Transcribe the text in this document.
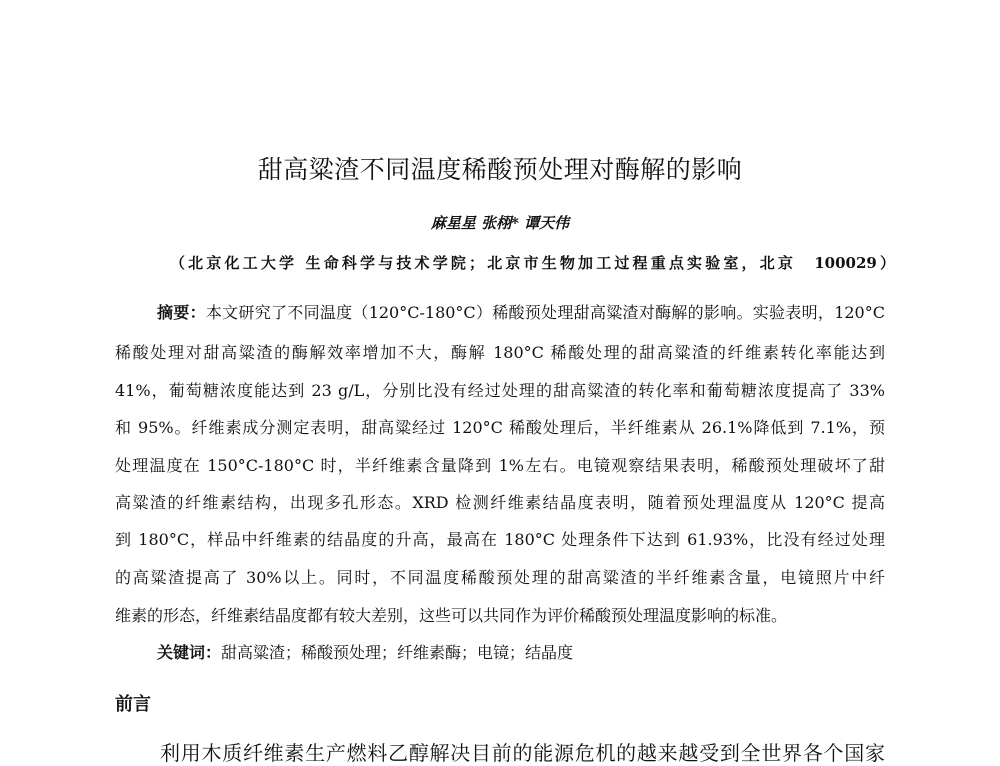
甜高粱渣不同温度稀酸预处理对酶解的影响
麻星星 张栩* 谭天伟
（北京化工大学 生命科学与技术学院；北京市生物加工过程重点实验室，北京　100029）
摘要：本文研究了不同温度（120°C-180°C）稀酸预处理甜高粱渣对酶解的影响。实验表明，120°C
稀酸处理对甜高粱渣的酶解效率增加不大，酶解 180°C 稀酸处理的甜高粱渣的纤维素转化率能达到
41%，葡萄糖浓度能达到 23 g/L，分别比没有经过处理的甜高粱渣的转化率和葡萄糖浓度提高了 33%
和 95%。纤维素成分测定表明，甜高粱经过 120°C 稀酸处理后，半纤维素从 26.1%降低到 7.1%，预
处理温度在 150°C-180°C 时，半纤维素含量降到 1%左右。电镜观察结果表明，稀酸预处理破坏了甜
高粱渣的纤维素结构，出现多孔形态。XRD 检测纤维素结晶度表明，随着预处理温度从 120°C 提高
到 180°C，样品中纤维素的结晶度的升高，最高在 180°C 处理条件下达到 61.93%，比没有经过处理
的高粱渣提高了 30%以上。同时，不同温度稀酸预处理的甜高粱渣的半纤维素含量，电镜照片中纤
维素的形态，纤维素结晶度都有较大差别，这些可以共同作为评价稀酸预处理温度影响的标准。
关键词：甜高粱渣；稀酸预处理；纤维素酶；电镜；结晶度
前言
利用木质纤维素生产燃料乙醇解决目前的能源危机的越来越受到全世界各个国家
